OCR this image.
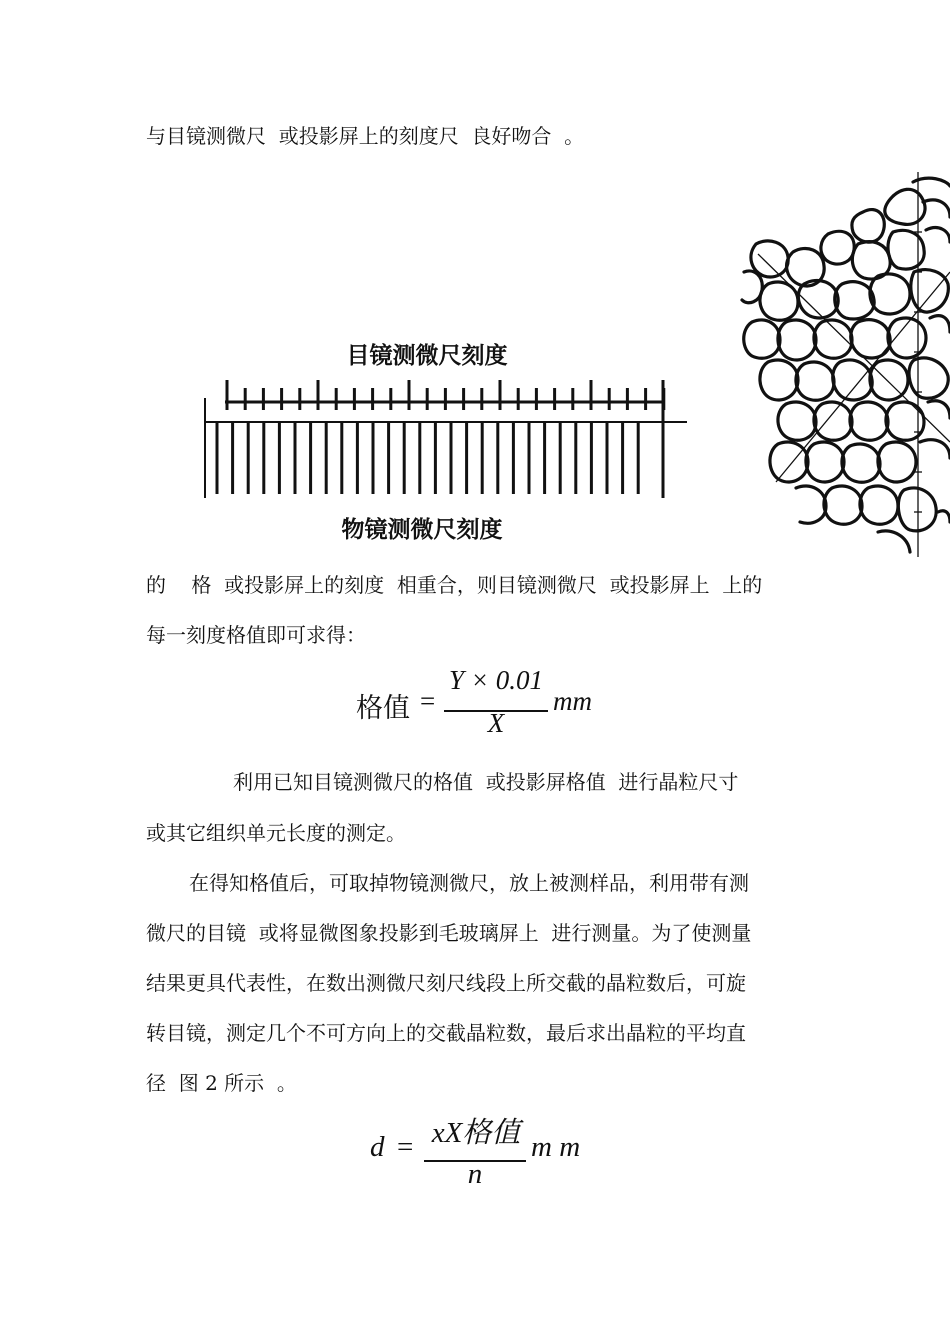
与目镜测微尺  或投影屏上的刻度尺  良好吻合  。
目镜测微尺刻度
物镜测微尺刻度
的    格  或投影屏上的刻度  相重合，则目镜测微尺  或投影屏上  上的
每一刻度格值即可求得：
格值 =
Y × 0.01
X
mm
利用已知目镜测微尺的格值  或投影屏格值  进行晶粒尺寸
或其它组织单元长度的测定。
在得知格值后，可取掉物镜测微尺，放上被测样品，利用带有测
微尺的目镜  或将显微图象投影到毛玻璃屏上  进行测量。为了使测量
结果更具代表性，在数出测微尺刻尺线段上所交截的晶粒数后，可旋
转目镜，测定几个不可方向上的交截晶粒数，最后求出晶粒的平均直
径  图 2 所示  。
d = xX格值
n
m m
